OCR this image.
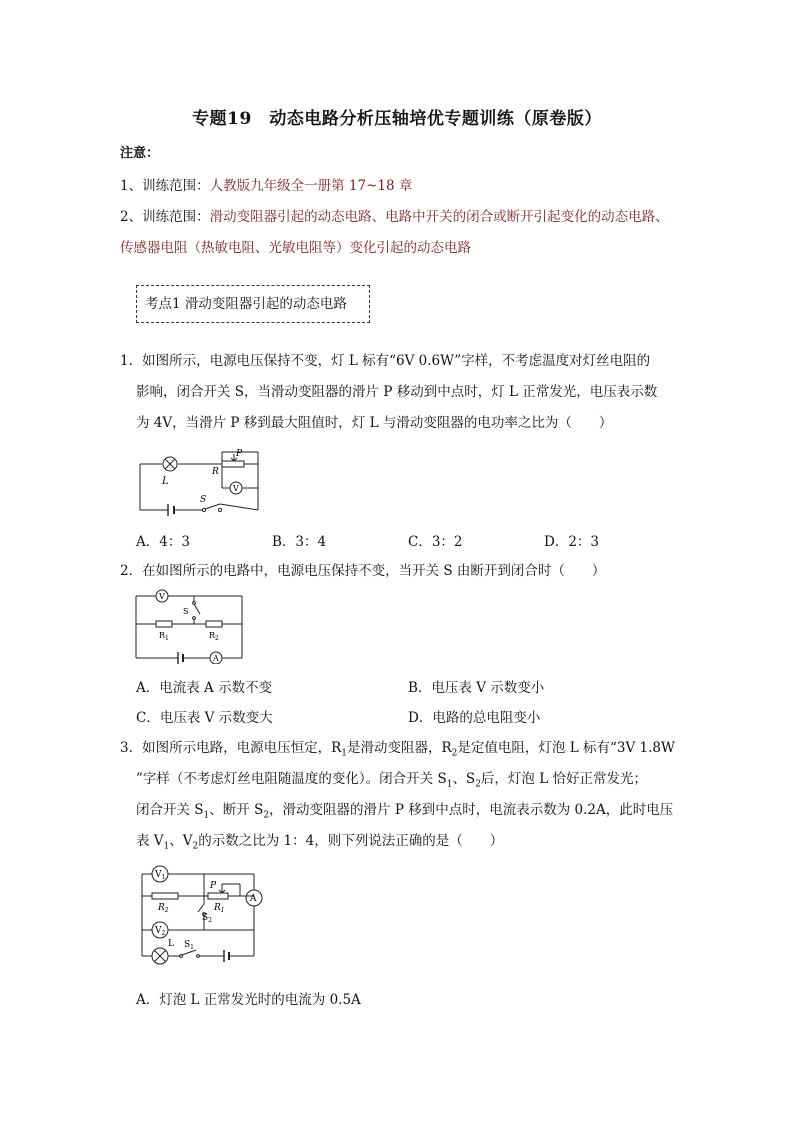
专题19　动态电路分析压轴培优专题训练（原卷版）
注意：
1、训练范围：人教版九年级全一册第 17~18 章
2、训练范围：滑动变阻器引起的动态电路、电路中开关的闭合或断开引起变化的动态电路、
传感器电阻（热敏电阻、光敏电阻等）变化引起的动态电路
考点1 滑动变阻器引起的动态电路
1．如图所示，电源电压保持不变，灯 L 标有“6V 0.6W”字样，不考虑温度对灯丝电阻的
影响，闭合开关 S，当滑动变阻器的滑片 P 移动到中点时，灯 L 正常发光，电压表示数
为 4V，当滑片 P 移到最大阻值时，灯 L 与滑动变阻器的电功率之比为（　　）
L
R
P
V
S
A．4：3	B．3：4	C．3：2	D．2：3
2．在如图所示的电路中，电源电压保持不变，当开关 S 由断开到闭合时（　　）
V
S
$R_1$	$R_2$
A
A．电流表 A 示数不变	B．电压表 V 示数变小
C．电压表 V 示数变大	D．电路的总电阻变小
3．如图所示电路，电源电压恒定，$R_1$是滑动变阻器，$R_2$是定值电阻，灯泡 L 标有“3V 1.8W
”字样（不考虑灯丝电阻随温度的变化）。闭合开关 $S_1$、$S_2$后，灯泡 L 恰好正常发光；
闭合开关 $S_1$、断开 $S_2$，滑动变阻器的滑片 P 移到中点时，电流表示数为 0.2A，此时电压
表 $V_1$、$V_2$的示数之比为 1：4，则下列说法正确的是（　　）
$V_1$
$R_2$
P
$R_1$
A
$S_2$
$V_2$
L $S_1$
A．灯泡 L 正常发光时的电流为 0.5A
